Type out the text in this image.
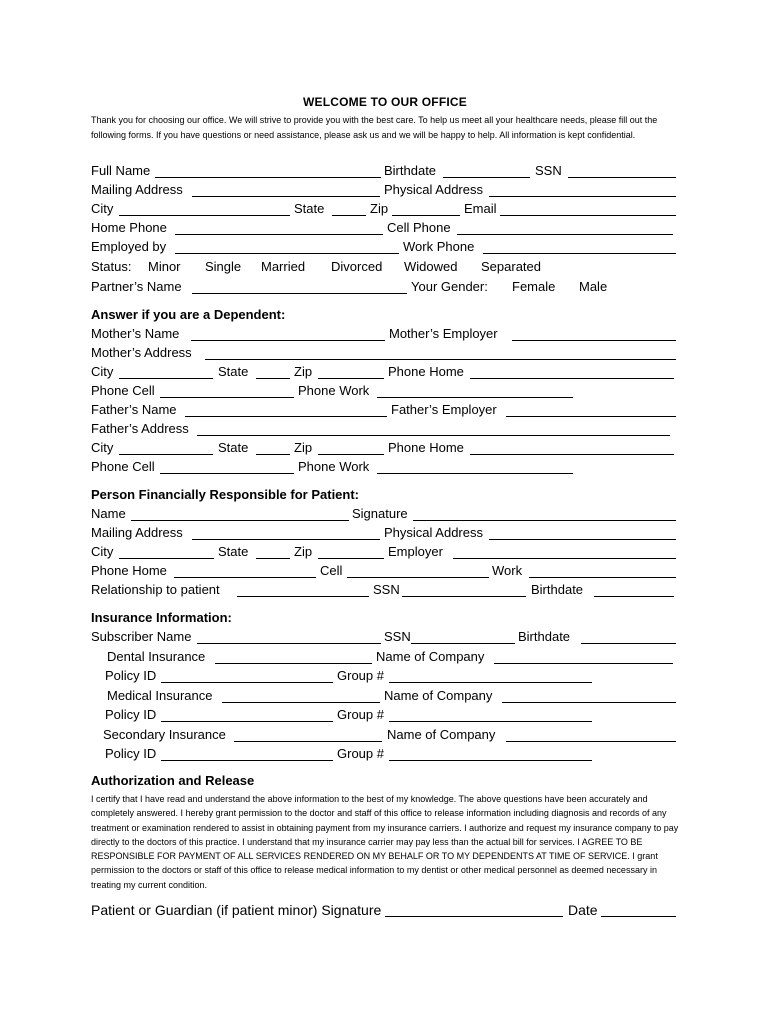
WELCOME TO OUR OFFICE
Thank you for choosing our office. We will strive to provide you with the best care. To help us meet all your healthcare needs, please fill out the following forms. If you have questions or need assistance, please ask us and we will be happy to help. All information is kept confidential.
Full Name	Birthdate	SSN
Mailing Address	Physical Address
City	State	Zip	Email
Home Phone	Cell Phone
Employed by	Work Phone
Status: Minor Single Married Divorced Widowed Separated
Partner’s Name	Your Gender: Female Male
Answer if you are a Dependent:
Mother’s Name	Mother’s Employer
Mother’s Address
City	State	Zip	Phone Home
Phone Cell	Phone Work
Father’s Name	Father’s Employer
Father’s Address
City	State	Zip	Phone Home
Phone Cell	Phone Work
Person Financially Responsible for Patient:
Name	Signature
Mailing Address	Physical Address
City	State	Zip	Employer
Phone Home	Cell	Work
Relationship to patient	SSN	Birthdate
Insurance Information:
Subscriber Name	SSN	Birthdate
Dental Insurance	Name of Company
Policy ID	Group #
Medical Insurance	Name of Company
Policy ID	Group #
Secondary Insurance	Name of Company
Policy ID	Group #
Authorization and Release
I certify that I have read and understand the above information to the best of my knowledge. The above questions have been accurately and completely answered. I hereby grant permission to the doctor and staff of this office to release information including diagnosis and records of any treatment or examination rendered to assist in obtaining payment from my insurance carriers. I authorize and request my insurance company to pay directly to the doctors of this practice. I understand that my insurance carrier may pay less than the actual bill for services. I AGREE TO BE RESPONSIBLE FOR PAYMENT OF ALL SERVICES RENDERED ON MY BEHALF OR TO MY DEPENDENTS AT TIME OF SERVICE. I grant permission to the doctors or staff of this office to release medical information to my dentist or other medical personnel as deemed necessary in treating my current condition.
Patient or Guardian (if patient minor) Signature	Date
